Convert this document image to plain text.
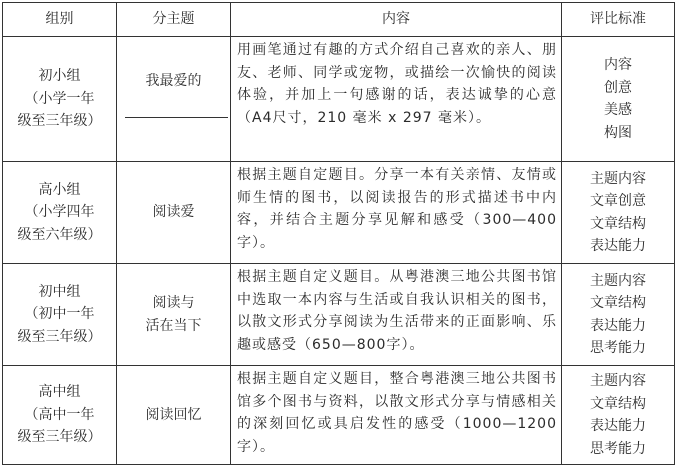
组别	分主题	内容	评比标准

初小组
（小学一年
级至三年级）	我最爱的	用画笔通过有趣的方式介绍自己喜欢的亲人、朋友、老师、同学或宠物，或描绘一次愉快的阅读体验，并加上一句感谢的话，表达诚挚的心意（A4尺寸，210 毫米 x 297 毫米）。	内容
创意
美感
构图

高小组
（小学四年
级至六年级）	阅读爱	根据主题自定题目。分享一本有关亲情、友情或师生情的图书，以阅读报告的形式描述书中内容，并结合主题分享见解和感受（300—400字）。	主题内容
文章创意
文章结构
表达能力

初中组
（初中一年
级至三年级）	阅读与
活在当下	根据主题自定义题目。从粤港澳三地公共图书馆中选取一本内容与生活或自我认识相关的图书，以散文形式分享阅读为生活带来的正面影响、乐趣或感受（650—800字）。	主题内容
文章结构
表达能力
思考能力

高中组
（高中一年
级至三年级）	阅读回忆	根据主题自定义题目，整合粤港澳三地公共图书馆多个图书与资料，以散文形式分享与情感相关的深刻回忆或具启发性的感受（1000—1200字）。	主题内容
文章结构
表达能力
思考能力
